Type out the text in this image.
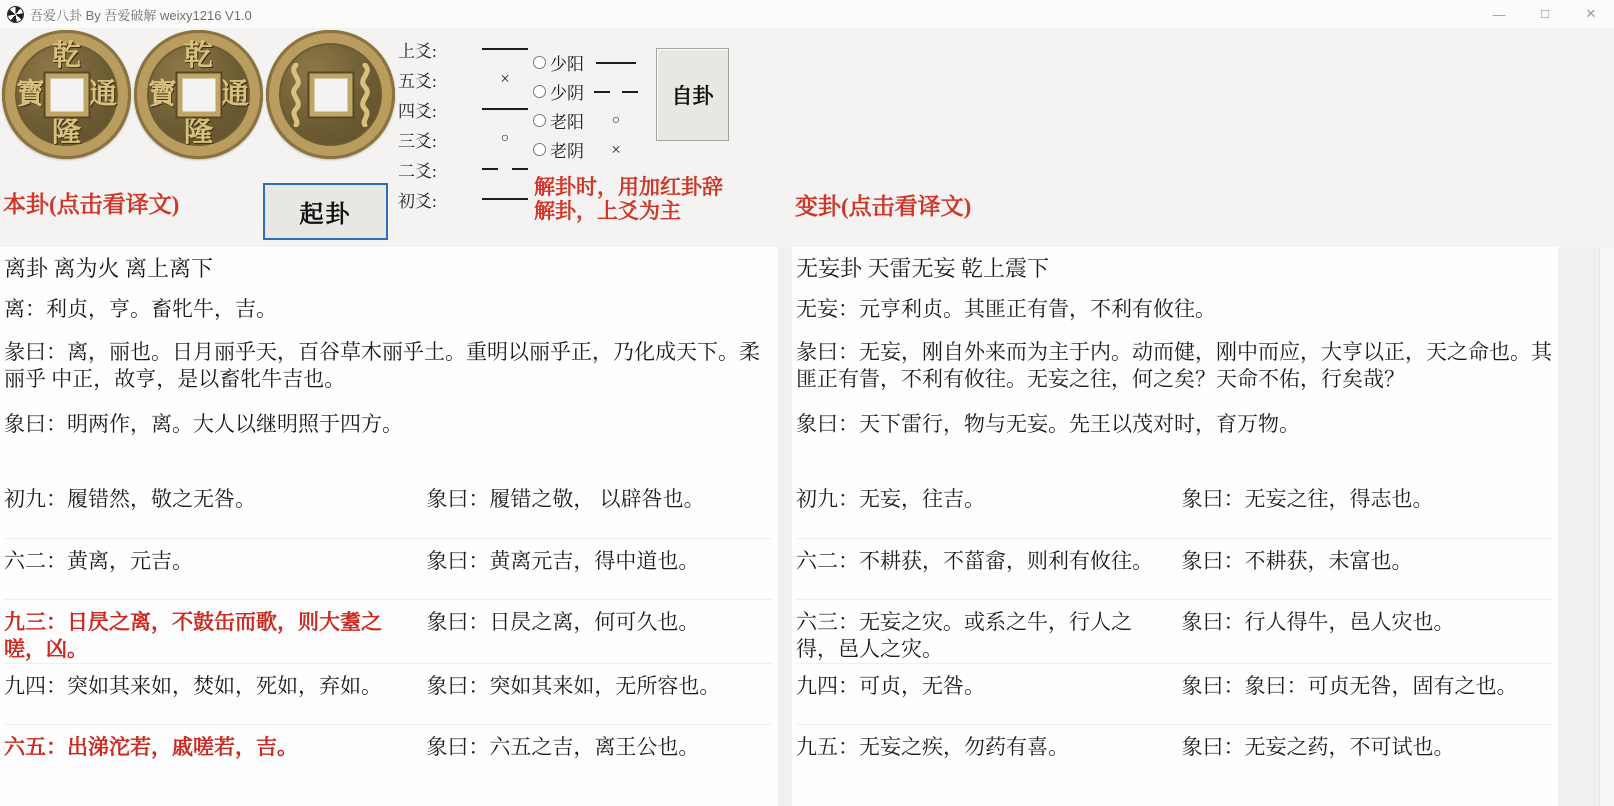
吾爱八卦 By 吾爱破解 weixy1216 V1.0	—	☐	✕
乾
通
隆
寳
乾
通
隆
寳
上爻:
五爻:
×
四爻:
三爻:
○
二爻:
初爻:
少阳
少阴
老阳
○
老阴
×
自卦
起卦
本卦(点击看译文)
解卦时，用加红卦辞
解卦，上爻为主	变卦(点击看译文)
离卦 离为火 离上离下
离：利贞，亨。畜牝牛，吉。
彖曰：离，丽也。日月丽乎天，百谷草木丽乎土。重明以丽乎正，乃化成天下。柔丽乎 中正，故亨，是以畜牝牛吉也。
象曰：明两作，离。大人以继明照于四方。
初九：履错然，敬之无咎。	象曰：履错之敬， 以辟咎也。
六二：黄离，元吉。	象曰：黄离元吉，得中道也。
九三：日昃之离，不鼓缶而歌，则大耋之嗟，凶。
象曰：日昃之离，何可久也。
九四：突如其来如，焚如，死如，弃如。	象曰：突如其来如，无所容也。
六五：出涕沱若，戚嗟若，吉。	象曰：六五之吉，离王公也。
无妄卦 天雷无妄 乾上震下
无妄：元亨利贞。其匪正有眚，不利有攸往。
彖曰：无妄，刚自外来而为主于内。动而健，刚中而应，大亨以正，天之命也。其匪正有眚，不利有攸往。无妄之往，何之矣？天命不佑，行矣哉？
象曰：天下雷行，物与无妄。先王以茂对时，育万物。
初九：无妄，往吉。	象曰：无妄之往，得志也。
六二：不耕获，不菑畲，则利有攸往。	象曰：不耕获，未富也。
六三：无妄之灾。或系之牛，行人之得，邑人之灾。
象曰：行人得牛，邑人灾也。
九四：可贞，无咎。	象曰：象曰：可贞无咎，固有之也。
九五：无妄之疾，勿药有喜。	象曰：无妄之药，不可试也。
